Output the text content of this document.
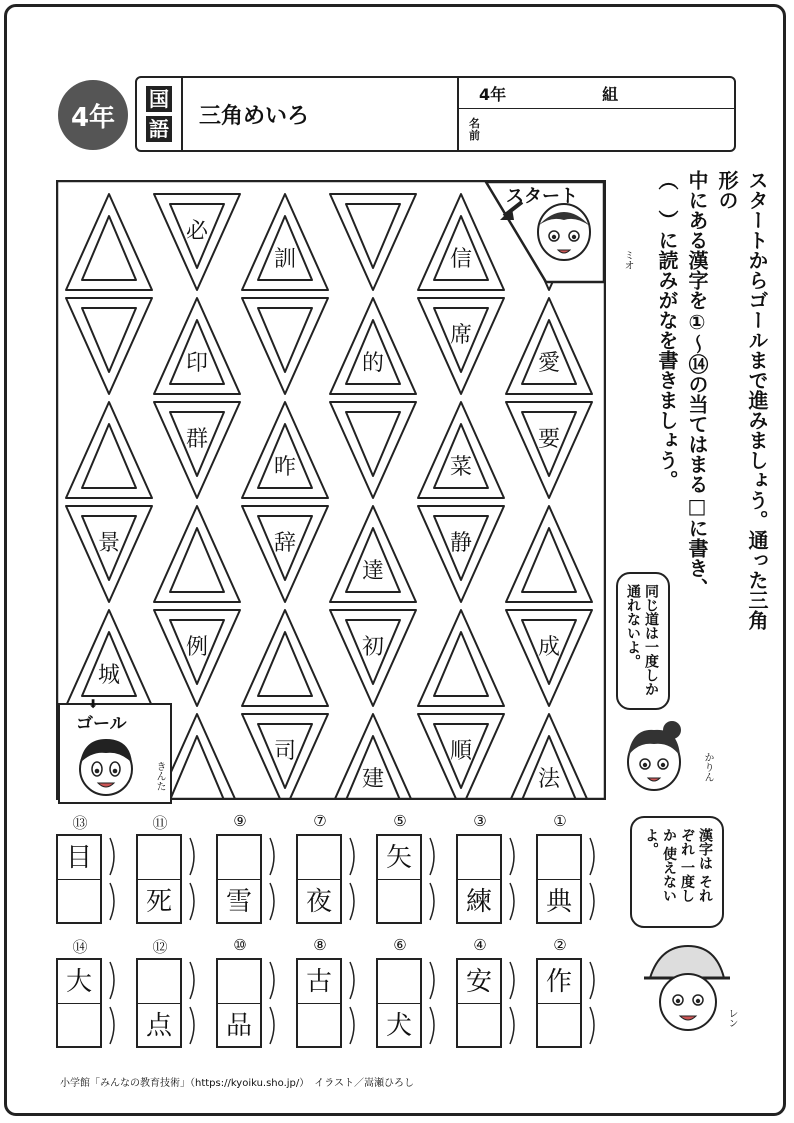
4年
国
語
三角めいろ
4年	組
名
前
必
訓	信
印	的
席
愛
群
昨	菜
要
景	辞
達
静
城
例	初	成
司
建
順
法
スタート
ミオ
ゴール
きんた
⬇

スタートからゴールまで進みましょう。通った三角形の

中にある漢字を①～⑭の当てはまる□に書き、

（　）に読みがなを書きましょう。

同じ道は一度しか 通れないよ。
かりん
漢字は それぞれ 一度しか 使えないよ。
レン
⑬
目
⑪
死
⑨
雪
⑦
夜
⑤
矢
③
練
①
典
⑭
大
⑫
点
⑩
品
⑧
古
⑥
犬
④
安
②
作
小学館「みんなの教育技術」（https://kyoiku.sho.jp/）　イラスト／嵩瀬ひろし
